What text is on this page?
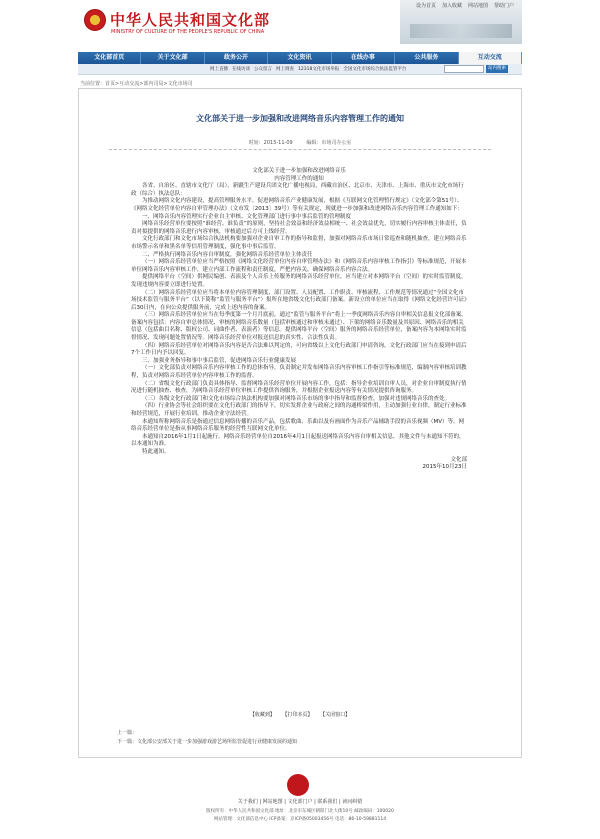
中华人民共和国文化部
MINISTRY OF CULTURE OF THE PEOPLE'S REPUBLIC OF CHINA
设为首页 加入收藏 网站地图 帮助门户
文化部首页	关于文化部	政务公开	文化资讯	在线办事	公共服务	互动交流
网上直播 在线访谈 公众留言 网上调查 12318文化市场举报 全国文化市场综合执法监管平台	站内搜索
当前位置：首页>互动交流>部内司局>文化市场司
文化部关于进一步加强和改进网络音乐内容管理工作的通知
时间：2015-11-09	编辑：市场司办公室

文化部关于进一步加强和改进网络音乐

内容管理工作的通知

各省、自治区、直辖市文化厅（局），新疆生产建设兵团文化广播电视局，西藏自治区、北京市、天津市、上海市、重庆市文化市场行政（综合）执法总队：

为推动网络文化内容建设，提高管理服务水平，促进网络音乐产业健康发展，根据《互联网文化管理暂行规定》（文化部令第51号）、《网络文化经营单位内容自审管理办法》（文市发〔2013〕39号）等有关规定，现就进一步加强和改进网络音乐内容管理工作通知如下：

一、网络音乐内容管理实行企业自主审核、文化管理部门进行事中事后监管的管理制度

网络音乐经营单位要按照“谁经营、谁负责”的原则，坚持社会效益和经济效益相统一、社会效益优先，切实履行内容审核主体责任，负责对拟提供的网络音乐进行内容审核，审核通过后方可上线经营。

文化行政部门和文化市场综合执法机构要加强对企业自审工作的指导和监督，加强对网络音乐市场日常巡查和随机抽查，建立网络音乐市场警示名单和黑名单等信用管理制度，强化事中事后监管。

二、严格执行网络音乐内容自审制度，强化网络音乐经营单位主体责任

（一）网络音乐经营单位应当严格按照《网络文化经营单位内容自审管理办法》和《网络音乐内容审核工作指引》等标准规范，开展本单位网络音乐内容审核工作，建立内部工作流程和责任制度，严把内容关，确保网络音乐内容合法。

提供网络平台（空间）供网民编创、表演及个人音乐上传服务的网络音乐经营单位，应当建立对本网络平台（空间）的实时监管制度，发现违规内容要立即进行处置。

（二）网络音乐经营单位应当将本单位内容管理制度、部门设置、人员配置、工作职责、审核流程、工作规范等情况通过“全国文化市场技术监管与服务平台”（以下简称“监管与服务平台”）报所在地省级文化行政部门备案。新设立的单位应当在取得《网络文化经营许可证》后30日内，在向公众提供服务前，完成上述内容的备案。

（三）网络音乐经营单位应当在每季度第一个月月底前，通过“监管与服务平台”将上一季度网络音乐内容自审相关信息报文化部备案。备案内容包括：内容自审总体情况、审核的网络音乐数量（包括审核通过和审核未通过）、下架的网络音乐数量及其原因、网络音乐的相关信息（包括曲目名称、版权公司、词曲作者、表演者）等信息。提供网络平台（空间）服务的网络音乐经营单位，备案内容为本网络实时监督情况、发现问题处置情况等。网络音乐经营单位对报送信息的真实性、合法性负责。

（四）网络音乐经营单位对网络音乐内容是否合法难以判定的，可向省级以上文化行政部门申请咨询，文化行政部门应当在接到申请后7个工作日内予以回复。

三、加强业务指导和事中事后监管，促进网络音乐行业健康发展

（一）文化部负责对网络音乐内容审核工作的总体指导，负责制定并发布网络音乐内容审核工作指引等标准规范，编制内容审核培训教程，负责对网络音乐经营单位内容审核工作的监督。

（二）省级文化行政部门负责具体指导、监督网络音乐经营单位开展内容工作，包括：指导企业培训自审人员，对企业自审制度执行情况进行随机抽查、核查，为网络音乐经营单位审核工作提供咨询服务，并根据企业报送内容等有关情况提供咨询服务。

（三）各级文化行政部门和文化市场综合执法机构要加强对网络音乐市场的事中指导和监督检查，加强对违规网络音乐的查处。

（四）行业协会等社会组织要在文化行政部门的指导下，切实发挥企业与政府之间的沟通桥梁作用，主动加强行业自律，制定行业标准和经营规范，开展行业培训，推动企业守法经营。

本通知所称网络音乐是指通过信息网络传播的音乐产品，包括歌曲、乐曲以及有画面作为音乐产品辅助手段的音乐视频（MV）等。网络音乐经营单位是指从事网络音乐服务的经营性互联网文化单位。

本通知自2016年1月1日起施行。网络音乐经营单位自2016年4月1日起报送网络音乐内容自审相关信息。其他文件与本通知不符的，以本通知为准。

特此通知。

文化部

2015年10月23日

【收藏到】 【打印本页】 【关闭窗口】
上一篇：
下一篇：文化部公安部关于进一步加强游戏游艺场所监管促进行业健康发展的通知
关于我们 | 网站地图 | 文化部门户 | 联系我们 | 读问纠错
版权所有：中华人民共和国文化部 地址：北京市东城区朝阳门北大街10号 邮政编码：100020
网站管理：文化部信息中心 ICP备案：京ICP备05003456号 电话：86-10-59881114
